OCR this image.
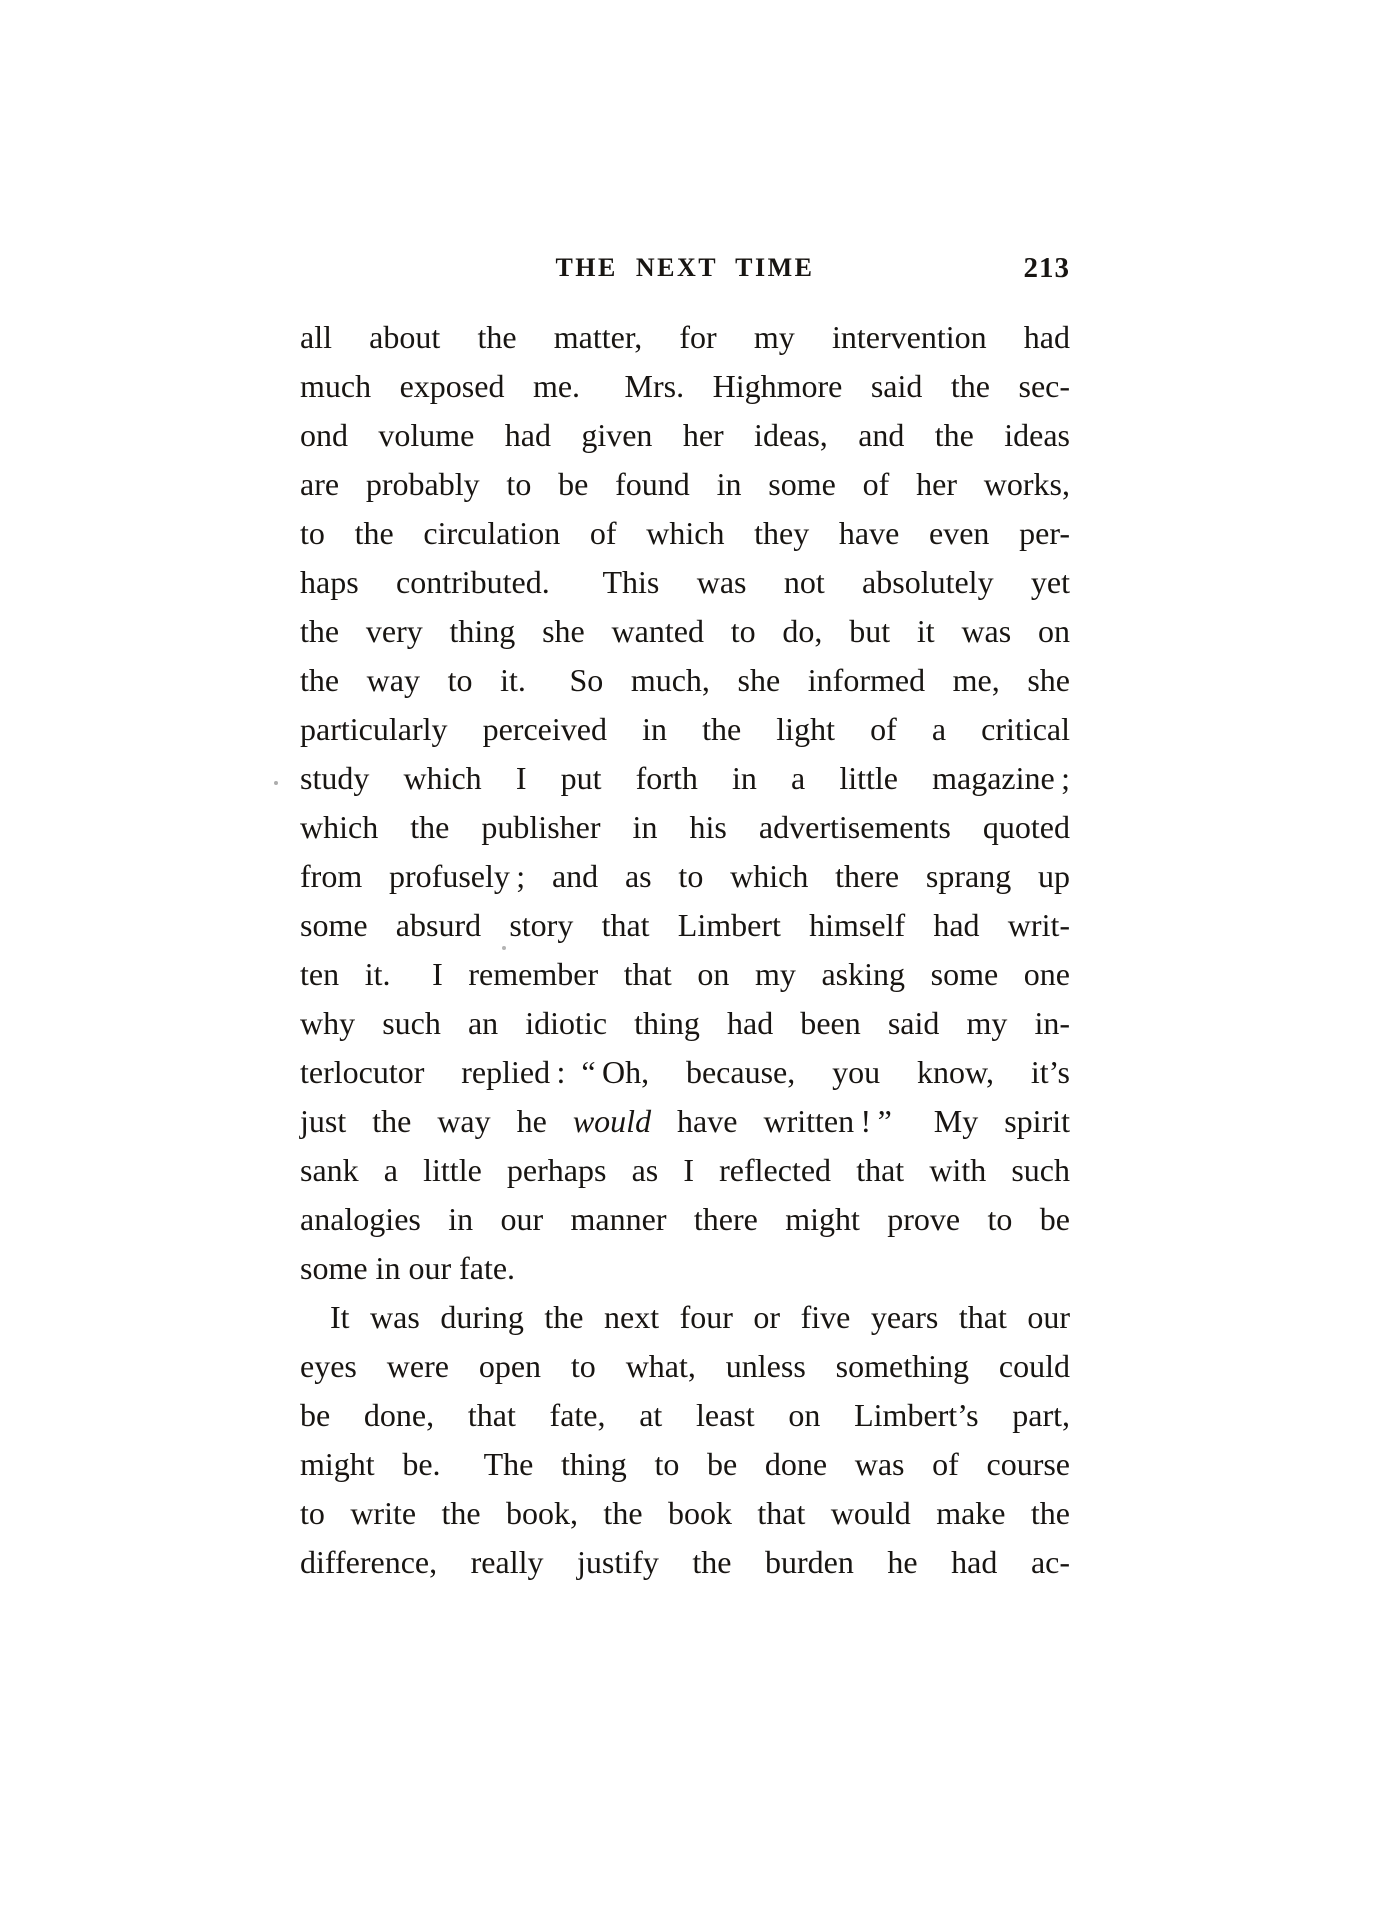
THE NEXT TIME	213
all about the matter, for my intervention had
much exposed me.  Mrs. Highmore said the sec-
ond volume had given her ideas, and the ideas
are probably to be found in some of her works,
to the circulation of which they have even per-
haps contributed.  This was not absolutely yet
the very thing she wanted to do, but it was on
the way to it.  So much, she informed me, she
particularly perceived in the light of a critical
study which I put forth in a little magazine ;
which the publisher in his advertisements quoted
from profusely ; and as to which there sprang up
some absurd story that Limbert himself had writ-
ten it.  I remember that on my asking some one
why such an idiotic thing had been said my in-
terlocutor replied : “ Oh, because, you know, it’s
just the way he would have written ! ”  My spirit
sank a little perhaps as I reflected that with such
analogies in our manner there might prove to be
some in our fate.
It was during the next four or five years that our
eyes were open to what, unless something could
be done, that fate, at least on Limbert’s part,
might be.  The thing to be done was of course
to write the book, the book that would make the
difference, really justify the burden he had ac-
